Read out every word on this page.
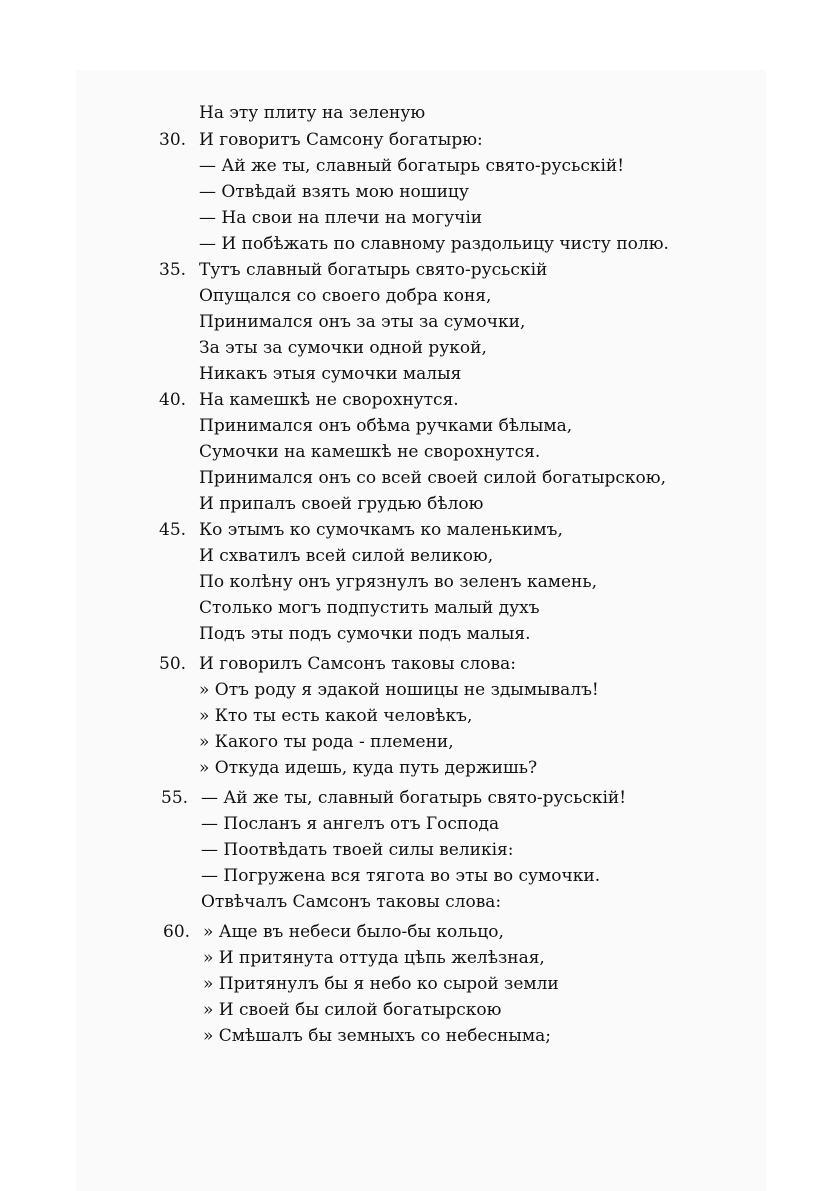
На эту плиту на зеленую
30. И говоритъ Самсону богатырю:
— Ай же ты, славный богатырь свято-русьскiй!
— Отвѣдай взять мою ношицу
— На свои на плечи на могучiи
— И побѣжать по славному раздольицу чисту полю.
35. Тутъ славный богатырь свято-русьскiй
Опущался со своего добра коня,
Принимался онъ за эты за сумочки,
За эты за сумочки одной рукой,
Никакъ этыя сумочки малыя
40. На камешкѣ не сворохнутся.
Принимался онъ обѣма ручками бѣлыма,
Сумочки на камешкѣ не сворохнутся.
Принимался онъ со всей своей силой богатырскою,
И припалъ своей грудью бѣлою
45. Ко этымъ ко сумочкамъ ко маленькимъ,
И схватилъ всей силой великою,
По колѣну онъ угрязнулъ во зеленъ камень,
Столько могъ подпустить малый духъ
Подъ эты подъ сумочки подъ малыя.
50. И говорилъ Самсонъ таковы слова:
» Отъ роду я эдакой ношицы не здымывалъ!
» Кто ты есть какой человѣкъ,
» Какого ты рода - племени,
» Откуда идешь, куда путь держишь?
55. — Ай же ты, славный богатырь свято-русьскiй!
— Посланъ я ангелъ отъ Господа
— Поотвѣдать твоей силы великiя:
— Погружена вся тягота во эты во сумочки.
Отвѣчалъ Самсонъ таковы слова:
60. » Аще въ небеси было-бы кольцо,
» И притянута оттуда цѣпь желѣзная,
» Притянулъ бы я небо ко сырой земли
» И своей бы силой богатырскою
» Смѣшалъ бы земныхъ со небесныма;
